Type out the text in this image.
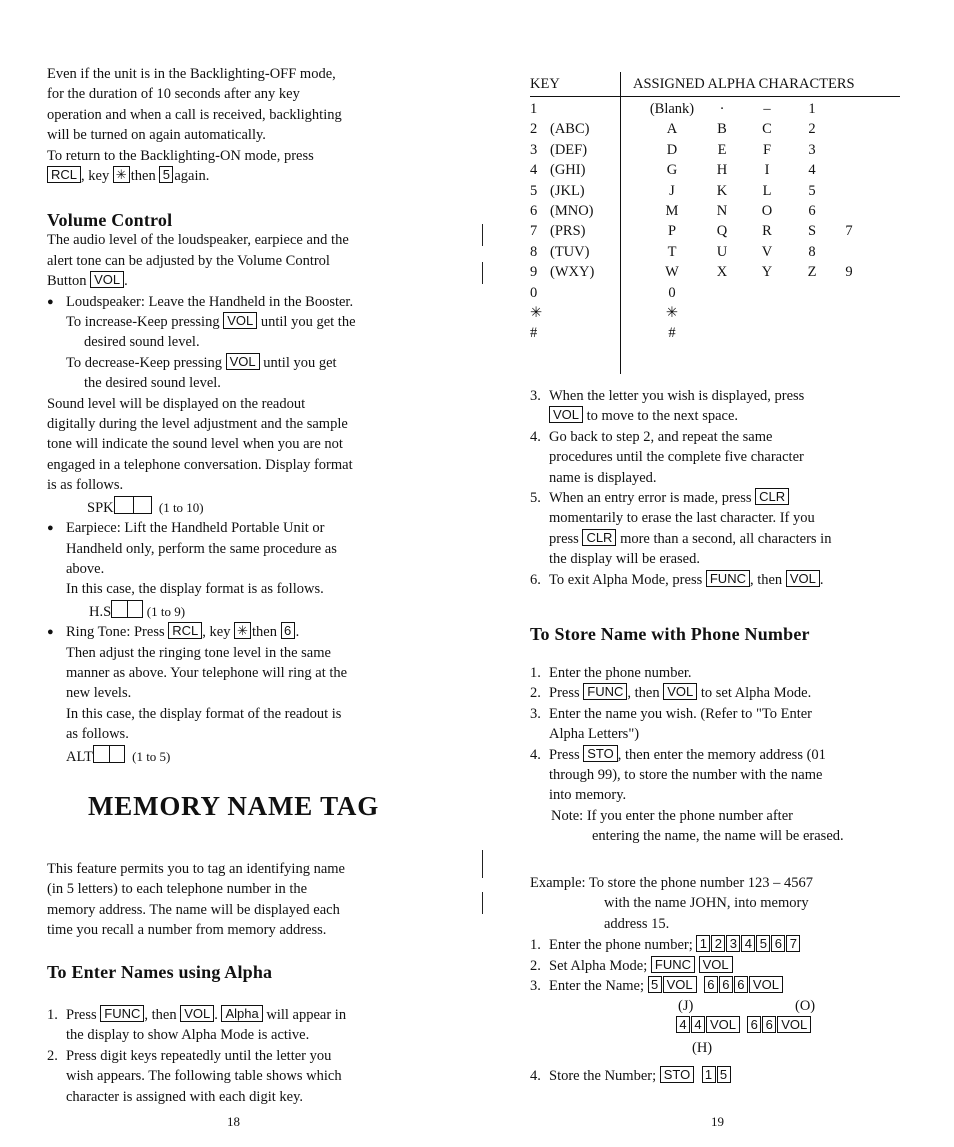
Even if the unit is in the Backlighting-OFF mode,

for the duration of 10 seconds after any key

operation and when a call is received, backlighting

will be turned on again automatically.

To return to the Backlighting-ON mode, press

RCL , key ✳ then 5 again.

Volume Control

The audio level of the loudspeaker, earpiece and the

alert tone can be adjusted by the Volume Control

Button VOL .

● Loudspeaker: Leave the Handheld in the Booster.

To increase-Keep pressing VOL until you get the

desired sound level.

To decrease-Keep pressing VOL until you get

the desired sound level.

Sound level will be displayed on the readout

digitally during the level adjustment and the sample

tone will indicate the sound level when you are not

engaged in a telephone conversation. Display format

is as follows.

SPK	(1 to 10)

● Earpiece: Lift the Handheld Portable Unit or

Handheld only, perform the same procedure as

above.

In this case, the display format is as follows.

H.S	(1 to 9)

● Ring Tone: Press RCL , key ✳ then 6 .

Then adjust the ringing tone level in the same

manner as above. Your telephone will ring at the

new levels.

In this case, the display format of the readout is

as follows.

ALT	(1 to 5)

MEMORY NAME TAG

This feature permits you to tag an identifying name

(in 5 letters) to each telephone number in the

memory address. The name will be displayed each

time you recall a number from memory address.

To Enter Names using Alpha
1. Press FUNC , then VOL . Alpha will appear in
the display to show Alpha Mode is active.
2. Press digit keys repeatedly until the letter you
wish appears. The following table shows which
character is assigned with each digit key.
18
KEY	ASSIGNED ALPHA CHARACTERS
1			(Blank)	·	–	1	
2	(ABC)		A	B	C	2	
3	(DEF)		D	E	F	3	
4	(GHI)		G	H	I	4	
5	(JKL)		J	K	L	5	
6	(MNO)		M	N	O	6	
7	(PRS)		P	Q	R	S	7
8	(TUV)		T	U	V	8	
9	(WXY)		W	X	Y	Z	9
0			0				
✳			✳				
#			#				
3. When the letter you wish is displayed, press
VOL to move to the next space.
4. Go back to step 2, and repeat the same
procedures until the complete five character
name is displayed.
5. When an entry error is made, press CLR
momentarily to erase the last character. If you
press CLR more than a second, all characters in
the display will be erased.
6. To exit Alpha Mode, press FUNC , then VOL .
To Store Name with Phone Number
1. Enter the phone number.
2. Press FUNC , then VOL to set Alpha Mode.
3. Enter the name you wish. (Refer to "To Enter
Alpha Letters")
4. Press STO , then enter the memory address (01
through 99), to store the number with the name
into memory.

Note: If you enter the phone number after

entering the name, the name will be erased.

Example: To store the phone number 123 – 4567

with the name JOHN, into memory

address 15.

1. Enter the phone number; 1 2 3 4 5 6 7
2. Set Alpha Mode; FUNC VOL
3. Enter the Name; 5 VOL 6 6 6 VOL
(J)	(O)
4 4 VOL 6 6 VOL
(H)
4. Store the Number; STO 1 5
19
